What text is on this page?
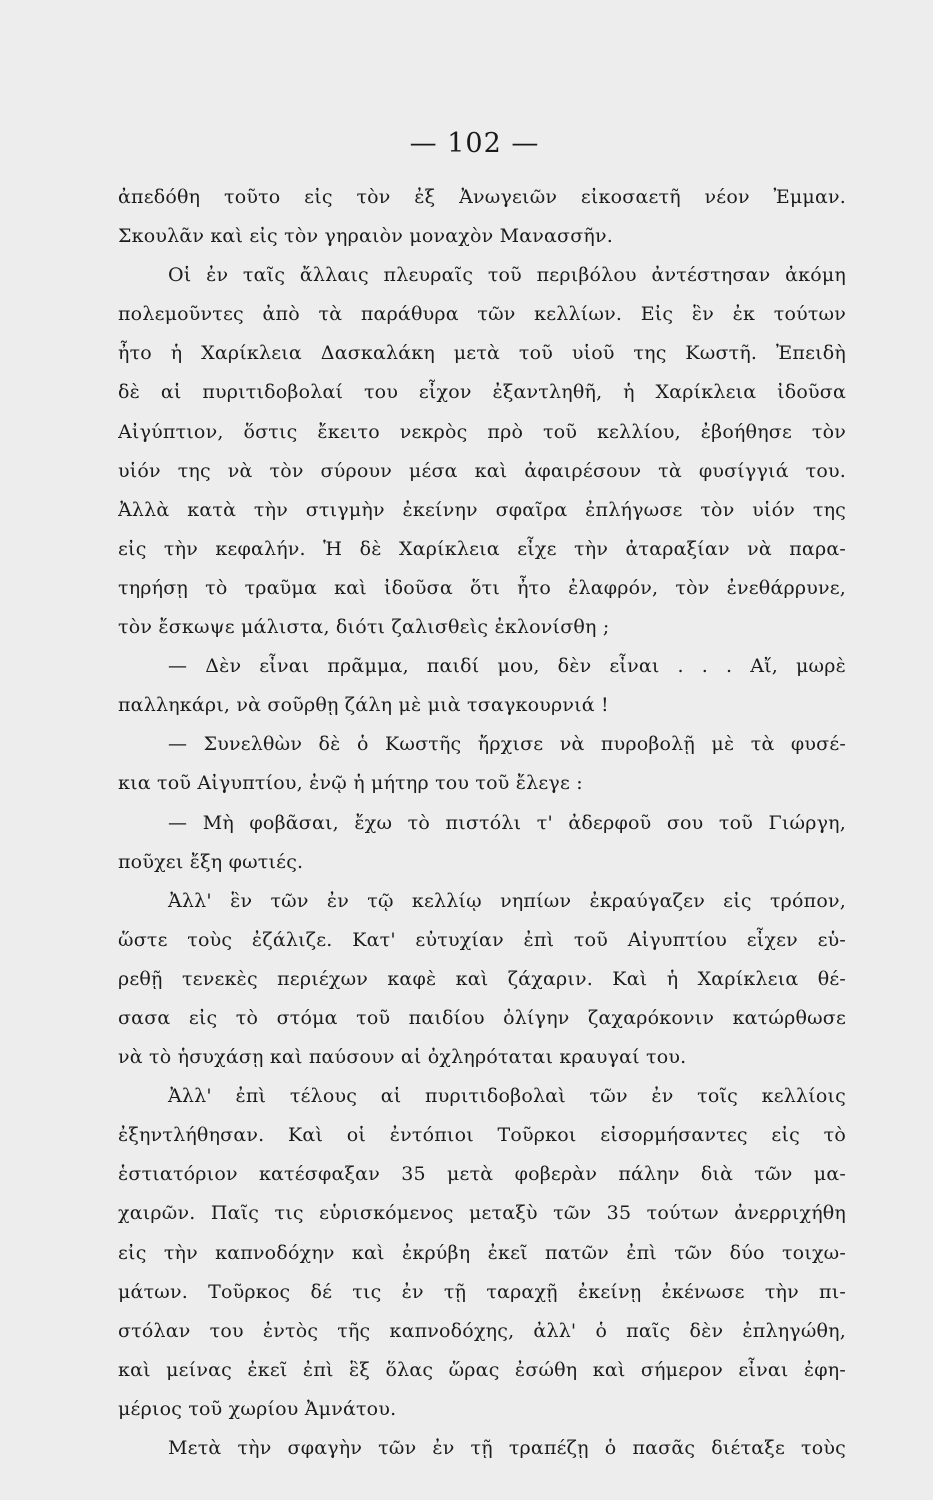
— 102 —
ἀπεδόθη τοῦτο εἰς τὸν ἐξ Ἀνωγειῶν εἰκοσαετῆ νέον Ἐμμαν.
Σκουλᾶν καὶ εἰς τὸν γηραιὸν μοναχὸν Μανασσῆν.
Οἱ ἐν ταῖς ἄλλαις πλευραῖς τοῦ περιβόλου ἀντέστησαν ἀκόμη
πολεμοῦντες ἀπὸ τὰ παράθυρα τῶν κελλίων. Εἰς ἓν ἐκ τούτων
ἦτο ἡ Χαρίκλεια Δασκαλάκη μετὰ τοῦ υἱοῦ της Κωστῆ. Ἐπειδὴ
δὲ αἱ πυριτιδοβολαί του εἶχον ἐξαντληθῆ, ἡ Χαρίκλεια ἰδοῦσα
Αἰγύπτιον, ὅστις ἔκειτο νεκρὸς πρὸ τοῦ κελλίου, ἐβοήθησε τὸν
υἱόν της νὰ τὸν σύρουν μέσα καὶ ἀφαιρέσουν τὰ φυσίγγιά του.
Ἀλλὰ κατὰ τὴν στιγμὴν ἐκείνην σφαῖρα ἐπλήγωσε τὸν υἱόν της
εἰς τὴν κεφαλήν. Ἡ δὲ Χαρίκλεια εἶχε τὴν ἀταραξίαν νὰ παρα-
τηρήσῃ τὸ τραῦμα καὶ ἰδοῦσα ὅτι ἦτο ἐλαφρόν, τὸν ἐνεθάρρυνε,
τὸν ἔσκωψε μάλιστα, διότι ζαλισθεὶς ἐκλονίσθη ;
— Δὲν εἶναι πρᾶμμα, παιδί μου, δὲν εἶναι . . . Αἴ, μωρὲ
παλληκάρι, νὰ σοῦρθῃ ζάλη μὲ μιὰ τσαγκουρνιά !
— Συνελθὼν δὲ ὁ Κωστῆς ἤρχισε νὰ πυροβολῇ μὲ τὰ φυσέ-
κια τοῦ Αἰγυπτίου, ἐνῷ ἡ μήτηρ του τοῦ ἔλεγε :
— Μὴ φοβᾶσαι, ἔχω τὸ πιστόλι τ' ἀδερφοῦ σου τοῦ Γιώργη,
ποῦχει ἔξη φωτιές.
Ἀλλ' ἓν τῶν ἐν τῷ κελλίῳ νηπίων ἐκραύγαζεν εἰς τρόπον,
ὥστε τοὺς ἐζάλιζε. Κατ' εὐτυχίαν ἐπὶ τοῦ Αἰγυπτίου εἶχεν εὑ-
ρεθῇ τενεκὲς περιέχων καφὲ καὶ ζάχαριν. Καὶ ἡ Χαρίκλεια θέ-
σασα εἰς τὸ στόμα τοῦ παιδίου ὀλίγην ζαχαρόκονιν κατώρθωσε
νὰ τὸ ἡσυχάσῃ καὶ παύσουν αἱ ὀχληρόταται κραυγαί του.
Ἀλλ' ἐπὶ τέλους αἱ πυριτιδοβολαὶ τῶν ἐν τοῖς κελλίοις
ἐξηντλήθησαν. Καὶ οἱ ἐντόπιοι Τοῦρκοι εἰσορμήσαντες εἰς τὸ
ἑστιατόριον κατέσφαξαν 35 μετὰ φοβερὰν πάλην διὰ τῶν μα-
χαιρῶν. Παῖς τις εὑρισκόμενος μεταξὺ τῶν 35 τούτων ἀνερριχήθη
εἰς τὴν καπνοδόχην καὶ ἐκρύβη ἐκεῖ πατῶν ἐπὶ τῶν δύο τοιχω-
μάτων. Τοῦρκος δέ τις ἐν τῇ ταραχῇ ἐκείνῃ ἐκένωσε τὴν πι-
στόλαν του ἐντὸς τῆς καπνοδόχης, ἀλλ' ὁ παῖς δὲν ἐπληγώθη,
καὶ μείνας ἐκεῖ ἐπὶ ἓξ ὅλας ὥρας ἐσώθη καὶ σήμερον εἶναι ἐφη-
μέριος τοῦ χωρίου Ἀμνάτου.
Μετὰ τὴν σφαγὴν τῶν ἐν τῇ τραπέζῃ ὁ πασᾶς διέταξε τοὺς
